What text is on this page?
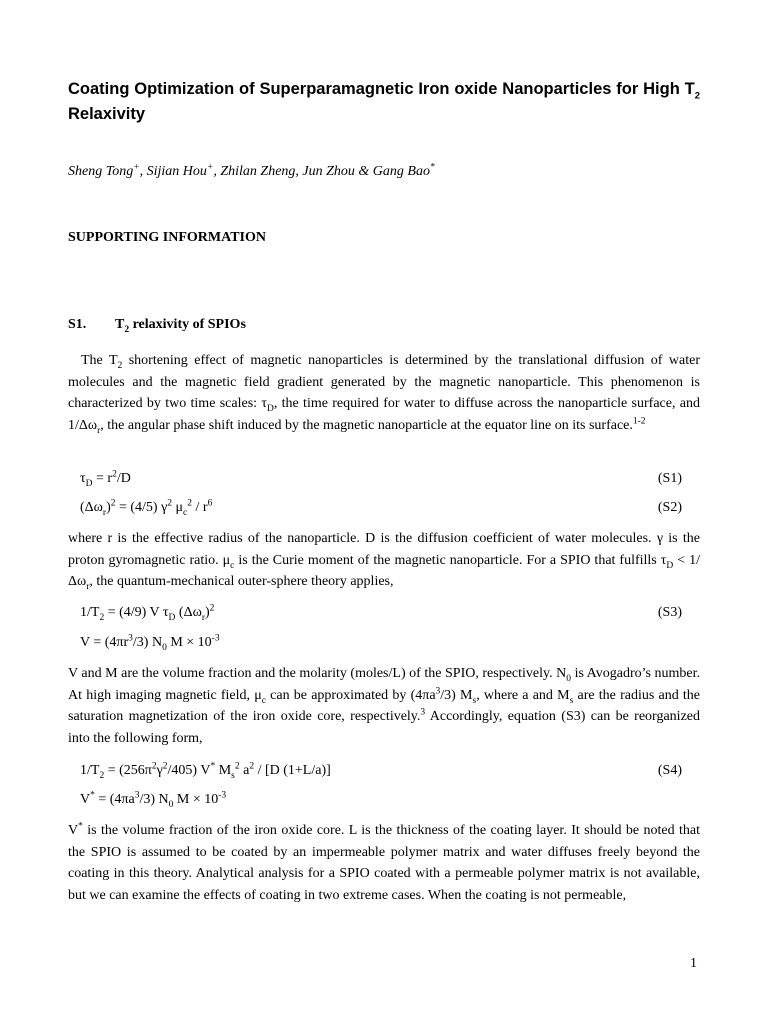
Coating Optimization of Superparamagnetic Iron oxide Nanoparticles for High $T_2$ Relaxivity

Sheng Tong+, Sijian Hou+, Zhilan Zheng, Jun Zhou & Gang Bao*

SUPPORTING INFORMATION

S1. $T_2$ relaxivity of SPIOs

The $T_2$ shortening effect of magnetic nanoparticles is determined by the translational diffusion of water molecules and the magnetic field gradient generated by the magnetic nanoparticle. This phenomenon is characterized by two time scales: $\tau_D$, the time required for water to diffuse across the nanoparticle surface, and $1/\Delta\omega_r$, the angular phase shift induced by the magnetic nanoparticle at the equator line on its surface.$^{1-2}$

$\tau_D = r^2/D$	(S1)
$(\Delta\omega_r)^2 = (4/5)$ $\gamma^2$ $\mu_c^2 / r^6$	(S2)

where r is the effective radius of the nanoparticle. D is the diffusion coefficient of water molecules. γ is the proton gyromagnetic ratio. $\mu_c$ is the Curie moment of the magnetic nanoparticle. For a SPIO that fulfills $\tau_D < 1/\Delta\omega_r$, the quantum-mechanical outer-sphere theory applies,

$1/T_2 = (4/9)$ V $\tau_D$ $(\Delta\omega_r)^2$	(S3)
$V = (4\pi r^3/3)$ $N_0$ $M \times 10^{-3}$

V and M are the volume fraction and the molarity (moles/L) of the SPIO, respectively. $N_0$ is Avogadro’s number. At high imaging magnetic field, $\mu_c$ can be approximated by $(4\pi a^3/3)$ $M_s$, where a and $M_s$ are the radius and the saturation magnetization of the iron oxide core, respectively.$^3$ Accordingly, equation (S3) can be reorganized into the following form,

$1/T_2 = (256\pi^2\gamma^2/405)$ V* $M_s^2$ $a^2 / [D$ (1+L/a)]	(S4)
$V^* = (4\pi a^3/3)$ $N_0$ $M \times 10^{-3}$

V* is the volume fraction of the iron oxide core. L is the thickness of the coating layer. It should be noted that the SPIO is assumed to be coated by an impermeable polymer matrix and water diffuses freely beyond the coating in this theory. Analytical analysis for a SPIO coated with a permeable polymer matrix is not available, but we can examine the effects of coating in two extreme cases. When the coating is not permeable,

1
